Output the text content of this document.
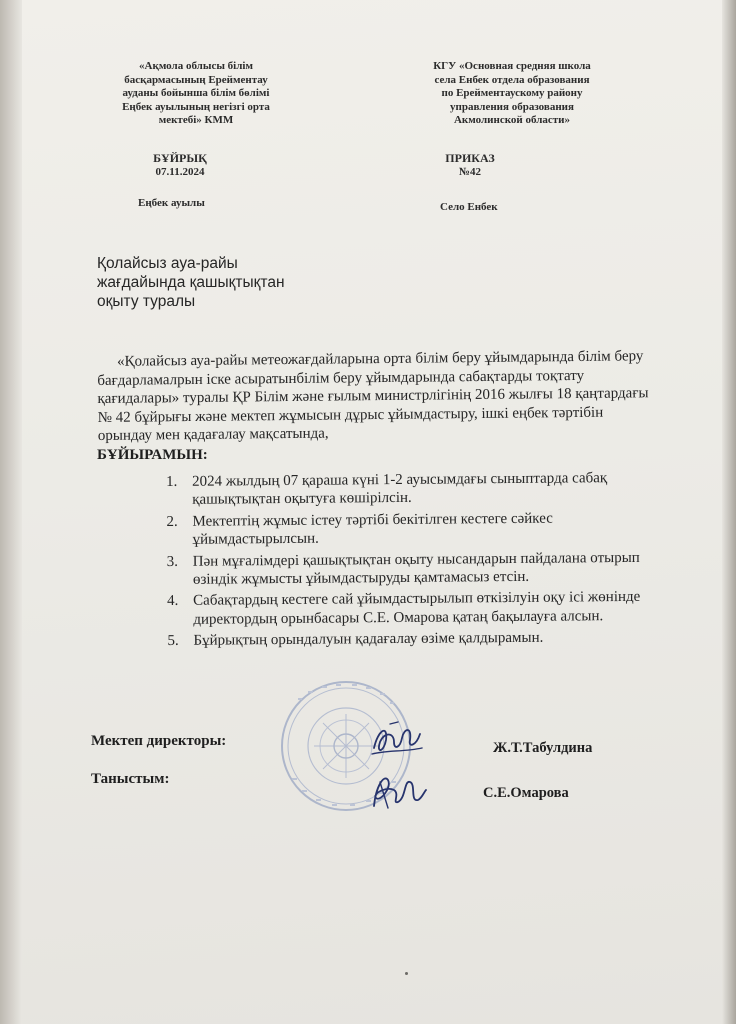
«Ақмола облысы білім
басқармасының Ерейментау
ауданы бойынша білім бөлімі
Еңбек ауылының негізгі орта
мектебі» КММ
КГУ «Основная средняя школа
села Енбек отдела образования
по Ерейментаускому району
управления образования
Акмолинской области»
БҰЙРЫҚ
07.11.2024
ПРИКАЗ
№42
Еңбек ауылы	Село Енбек
Қолайсыз ауа-райы
жағдайында қашықтықтан
оқыту туралы
«Қолайсыз ауа-райы метеожағдайларына орта білім беру ұйымдарында білім беру бағдарламалрын іске асыратынбілім беру ұйымдарында сабақтарды тоқтату қағидалары» туралы ҚР Білім және ғылым министрлігінің 2016 жылғы 18 қаңтардағы № 42 бұйрығы және мектеп жұмысын дұрыс ұйымдастыру, ішкі еңбек тәртібін орындау мен қадағалау мақсатында,
БҰЙЫРАМЫН:
1. 2024 жылдың 07 қараша күні 1-2 ауысымдағы сыныптарда сабақ қашықтықтан оқытуға көшірілсін.
2. Мектептің жұмыс істеу тәртібі бекітілген кестеге сәйкес ұйымдастырылсын.
3. Пән мұғалімдері қашықтықтан оқыту нысандарын пайдалана отырып өзіндік жұмысты ұйымдастыруды қамтамасыз етсін.
4. Сабақтардың кестеге сай ұйымдастырылып өткізілуін оқу ісі жөнінде директордың орынбасары С.Е. Омарова қатаң бақылауға алсын.
5. Бұйрықтың орындалуын қадағалау өзіме қалдырамын.
Мектеп директоры:	Ж.Т.Табулдина
Таныстым:
С.Е.Омарова
